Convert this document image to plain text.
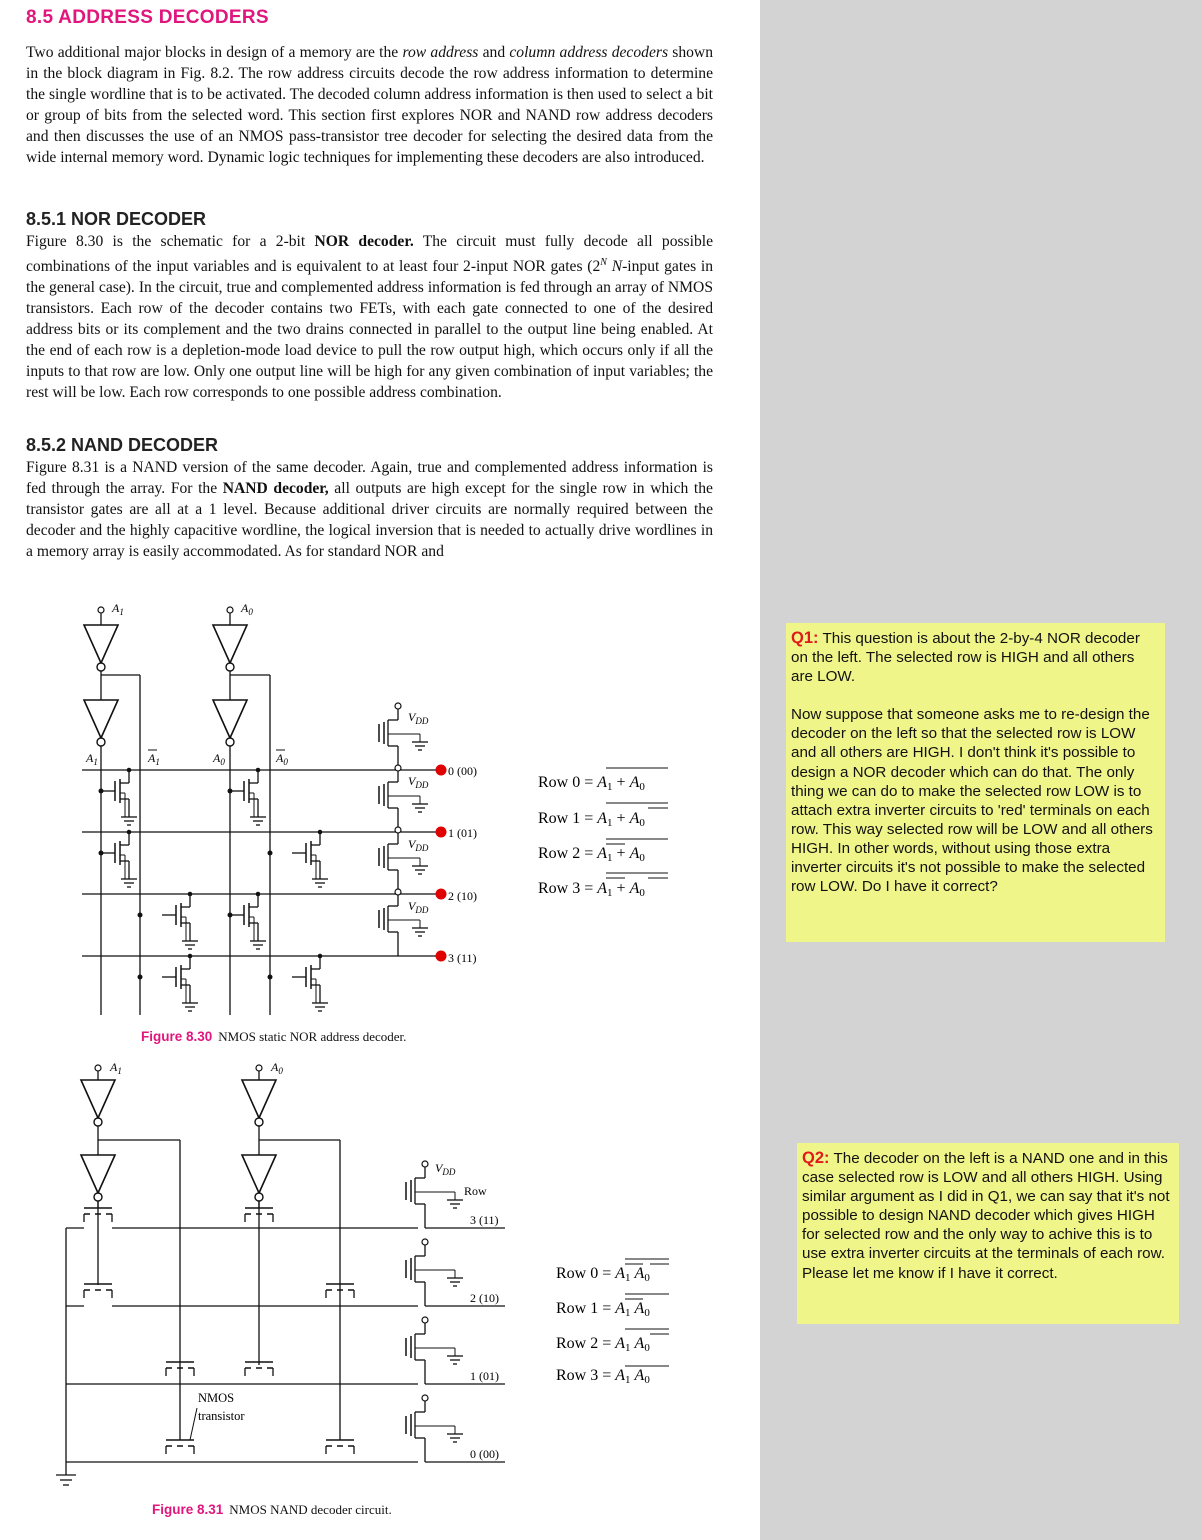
8.5 ADDRESS DECODERS
Two additional major blocks in design of a memory are the row address and column address decoders shown in the block diagram in Fig. 8.2. The row address circuits decode the row address information to determine the single wordline that is to be activated. The decoded column address information is then used to select a bit or group of bits from the selected word. This section first explores NOR and NAND row address decoders and then discusses the use of an NMOS pass-transistor tree decoder for selecting the desired data from the wide internal memory word. Dynamic logic techniques for implementing these decoders are also introduced.
8.5.1 NOR DECODER
Figure 8.30 is the schematic for a 2-bit NOR decoder. The circuit must fully decode all possible combinations of the input variables and is equivalent to at least four 2-input NOR gates ($2^N$ N-input gates in the general case). In the circuit, true and complemented address information is fed through an array of NMOS transistors. Each row of the decoder contains two FETs, with each gate connected to one of the desired address bits or its complement and the two drains connected in parallel to the output line being enabled. At the end of each row is a depletion-mode load device to pull the row output high, which occurs only if all the inputs to that row are low. Only one output line will be high for any given combination of input variables; the rest will be low. Each row corresponds to one possible address combination.
8.5.2 NAND DECODER
Figure 8.31 is a NAND version of the same decoder. Again, true and complemented address information is fed through the array. For the NAND decoder, all outputs are high except for the single row in which the transistor gates are all at a 1 level. Because additional driver circuits are normally required between the decoder and the highly capacitive wordline, the logical inversion that is needed to actually drive wordlines in a memory array is easily accommodated. As for standard NOR and
$A_1$	$A_0$
$A_1$	$A_1$	$A_0$	$A_0$
$V_{DD}$
$V_{DD}$
$V_{DD}$
$V_{DD}$
0 (00)
1 (01)
2 (10)
3 (11)
Row 0 = A1 + A0
Row 1 = A1 + A0
Row 2 = A1 + A0
Row 3 = A1 + A0
Figure 8.30 NMOS static NOR address decoder.
$A_1$	$A_0$
$V_{DD}$
Row
3 (11)
2 (10)
1 (01)
0 (00)
NMOS
transistor
Row 0 = A1 A0
Row 1 = A1 A0
Row 2 = A1 A0
Row 3 = A1 A0
Figure 8.31 NMOS NAND decoder circuit.

Q1: This question is about the 2-by-4 NOR decoder on the left. The selected row is HIGH and all others are LOW.

Now suppose that someone asks me to re-design the decoder on the left so that the selected row is LOW and all others are HIGH. I don't think it's possible to design a NOR decoder which can do that. The only thing we can do to make the selected row LOW is to attach extra inverter circuits to 'red' terminals on each row. This way selected row will be LOW and all others HIGH. In other words, without using those extra inverter circuits it's not possible to make the selected row LOW. Do I have it correct?

Q2: The decoder on the left is a NAND one and in this case selected row is LOW and all others HIGH. Using similar argument as I did in Q1, we can say that it's not possible to design NAND decoder which gives HIGH for selected row and the only way to achive this is to use extra inverter circuits at the terminals of each row. Please let me know if I have it correct.
